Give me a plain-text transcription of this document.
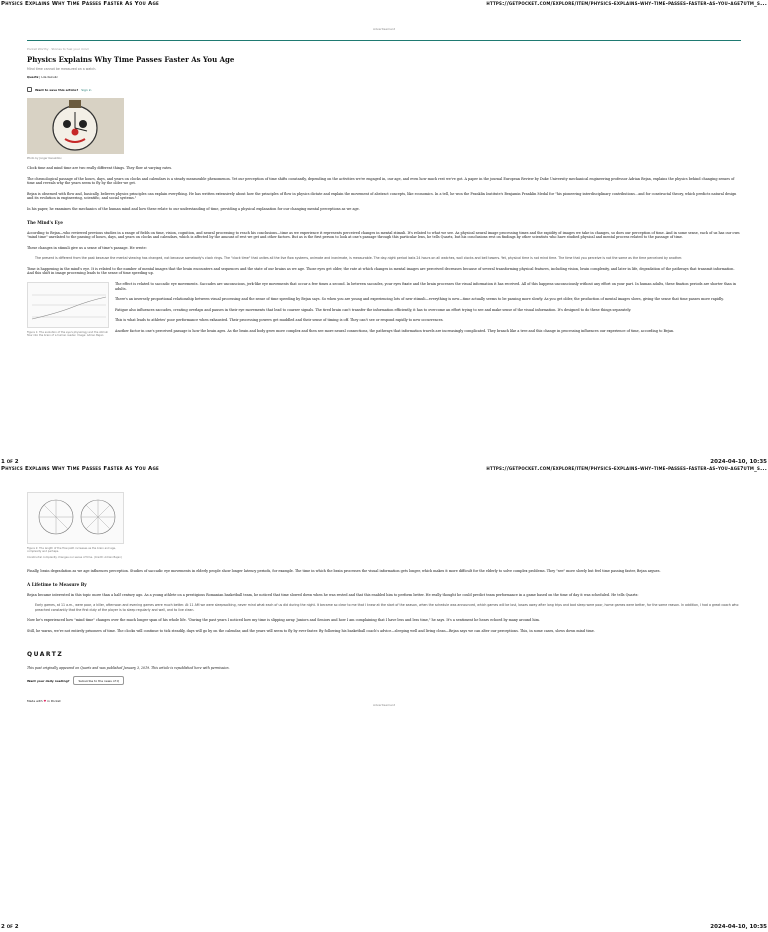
Physics Explains Why Time Passes Faster As You Age	https://getpocket.com/explore/item/physics-explains-why-time-passes-faster-as-you-age?utm_s...
Advertisement
Pocket Worthy · Stories to fuel your mind
Physics Explains Why Time Passes Faster As You Age
Mind time cannot be measured on a watch.
Quartz | Lila Kukulic
Want to save this article? Sign in
Photo by Jonger Kanazdlov

Clock time and mind time are two really different things. They flow at varying rates.

The chronological passage of the hours, days, and years on clocks and calendars is a steady measurable phenomenon. Yet our perception of time shifts constantly, depending on the activities we're engaged in, our age, and even how much rest we've got. A paper in the journal European Review by Duke University mechanical engineering professor Adrian Bejan, explains the physics behind changing senses of time and reveals why the years seem to fly by the older we get.

Bejan is obsessed with flow and, basically, believes physics principles can explain everything. He has written extensively about how the principles of flow in physics dictate and explain the movement of abstract concepts, like economics. In a tell, he won the Franklin Institute's Benjamin Franklin Medal for "his pioneering interdisciplinary contributions…and for constructal theory, which predicts natural design and its evolution in engineering, scientific, and social systems."

In his paper, he examines the mechanics of the human mind and how these relate to our understanding of time, providing a physical explanation for our changing mental perceptions as we age.

The Mind's Eye

According to Bejan—who reviewed previous studies in a range of fields on time, vision, cognition, and neural processing to reach his conclusions—time as we experience it represents perceived changes in mental stimuli. It's related to what we see. As physical neural image processing times and the rapidity of images we take in changes, so does our perception of time. And in some sense, each of us has our own "mind time" unrelated to the passing of hours, days, and years on clocks and calendars, which is affected by the amount of rest we get and other factors. But as is the first person to look at one's passage through this particular lens, he tells Quartz, but his conclusions rest on findings by other scientists who have studied physical and mental process related to the passage of time.

These changes in stimuli give us a sense of time's passage. He wrote:

The present is different from the past because the mental viewing has changed, not because somebody's clock rings. The "clock time" that unites all the live flow systems, animate and inanimate, is measurable. The day-night period lasts 24 hours on all watches, wall clocks and bell towers. Yet, physical time is not mind time. The time that you perceive is not the same as the time perceived by another.

Time is happening in the mind's eye. It is related to the number of mental images that the brain encounters and sequences and the state of our brains as we age. Those eyes get older, the rate at which changes in mental images are perceived decreases because of several transforming physical features, including vision, brain complexity, and later in life, degradation of the pathways that transmit information. And this shift in image processing leads to the sense of time speeding up.

Figure 1: The evolution of the eye's physiology and the stimuli flow into the brain of a human reader. Image: Adrian Bejan

The effect is related to saccadic eye movements. Saccades are unconscious, jerk-like eye movements that occur a few times a second. In between saccades, your eyes fixate and the brain processes the visual information it has received. All of this happens unconsciously without any effort on your part. In human adults, these fixation periods are shorter than in adults.

There's an inversely proportional relationship between visual processing and the sense of time speeding by Bejan says. So when you are young and experiencing lots of new stimuli—everything is new—time actually seems to be passing more slowly. As you get older, the production of mental images slows, giving the sense that time passes more rapidly.

Fatigue also influences saccades, creating overlaps and pauses in their eye movements that lead to coarser signals. The tired brain can't transfer the information efficiently, it has to overcome an effort trying to see and make sense of the visual information. It's designed to do these things separately.

This is what leads to athletes' poor performance when exhausted. Their processing powers get muddled and their sense of timing is off. They can't see or respond rapidly to new occurrences.

Another factor in one's perceived passage is how the brain ages. As the brain and body grow more complex and then see more neural connections, the pathways that information travels are increasingly complicated. They branch like a tree and this change in processing influences our experience of time, according to Bejan.

1 of 2	2024-04-10, 10:35
Physics Explains Why Time Passes Faster As You Age	https://getpocket.com/explore/item/physics-explains-why-time-passes-faster-as-you-age?utm_s...
Figure 2: The length of the flow path increases as the brain and age, complexity and perhaps.
Constructal complexity changes our sense of time. (Credit: Adrian Bejan)

Finally, brain degradation as we age influences perception. Studies of saccadic eye movements in elderly people show longer latency periods, for example. The time in which the brain processes the visual information gets longer, which makes it more difficult for the elderly to solve complex problems. They "see" more slowly but feel time passing faster, Bejan argues.

A Lifetime to Measure By

Bejan became interested in this topic more than a half century ago. As a young athlete on a prestigious Romanian basketball team, he noticed that time slowed down when he was rested and that this enabled him to perform better. He really thought he could predict team performance in a game based on the time of day it was scheduled. He tells Quartz:

Early games, at 11 a.m., were poor, a killer, afternoon and evening games were much better. At 11 AM we were sleepwalking, never mind what each of us did during the night. It became so clear to me that I knew at the start of the season, when the schedule was announced, which games will be lost, losses away after long trips and bad sleep were poor, home games were better, for the same reason. In addition, I had a great coach who preached constantly that the first duty of the player is to sleep regularly and well, and to live clean.

Now he's experienced how "mind time" changes over the much longer span of his whole life. "During the past years I noticed how my time is slipping away. Juniors and Seniors and how I am complaining that I have less and less time," he says. It's a sentiment he hears echoed by many around him.

Still, he warns, we're not entirely prisoners of time. The clocks will continue to tick steadily, days will go by on the calendar, and the years will seem to fly by ever faster. By following his basketball coach's advice—sleeping well and living clean—Bejan says we can alter our perceptions. This, in some cases, slows down mind time.

QUARTZ
This post originally appeared on Quartz and was published January 3, 2019. This article is republished here with permission.
Want your daily reading?	Subscribe to the news of Q
Made with ♥ in Pocket
Advertisement
2 of 2	2024-04-10, 10:35
